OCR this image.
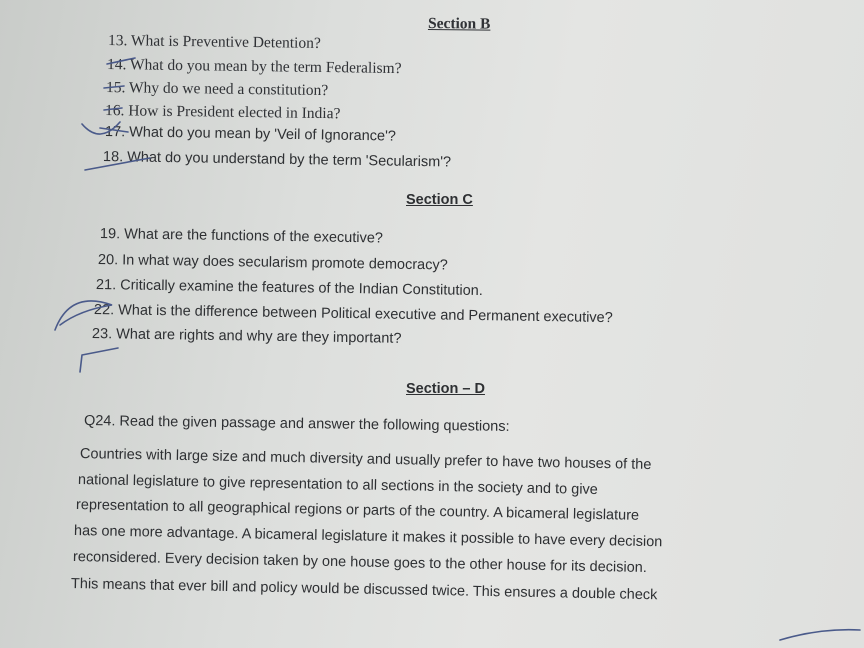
Section B
13. What is Preventive Detention?
14. What do you mean by the term Federalism?
15. Why do we need a constitution?
16. How is President elected in India?
17. What do you mean by 'Veil of Ignorance'?
18. What do you understand by the term 'Secularism'?
Section C
19. What are the functions of the executive?
20. In what way does secularism promote democracy?
21. Critically examine the features of the Indian Constitution.
22. What is the difference between Political executive and Permanent executive?
23. What are rights and why are they important?
Section – D
Q24. Read the given passage and answer the following questions:
Countries with large size and much diversity and usually prefer to have two houses of the
national legislature to give representation to all sections in the society and to give
representation to all geographical regions or parts of the country. A bicameral legislature
has one more advantage. A bicameral legislature it makes it possible to have every decision
reconsidered. Every decision taken by one house goes to the other house for its decision.
This means that ever bill and policy would be discussed twice. This ensures a double check
